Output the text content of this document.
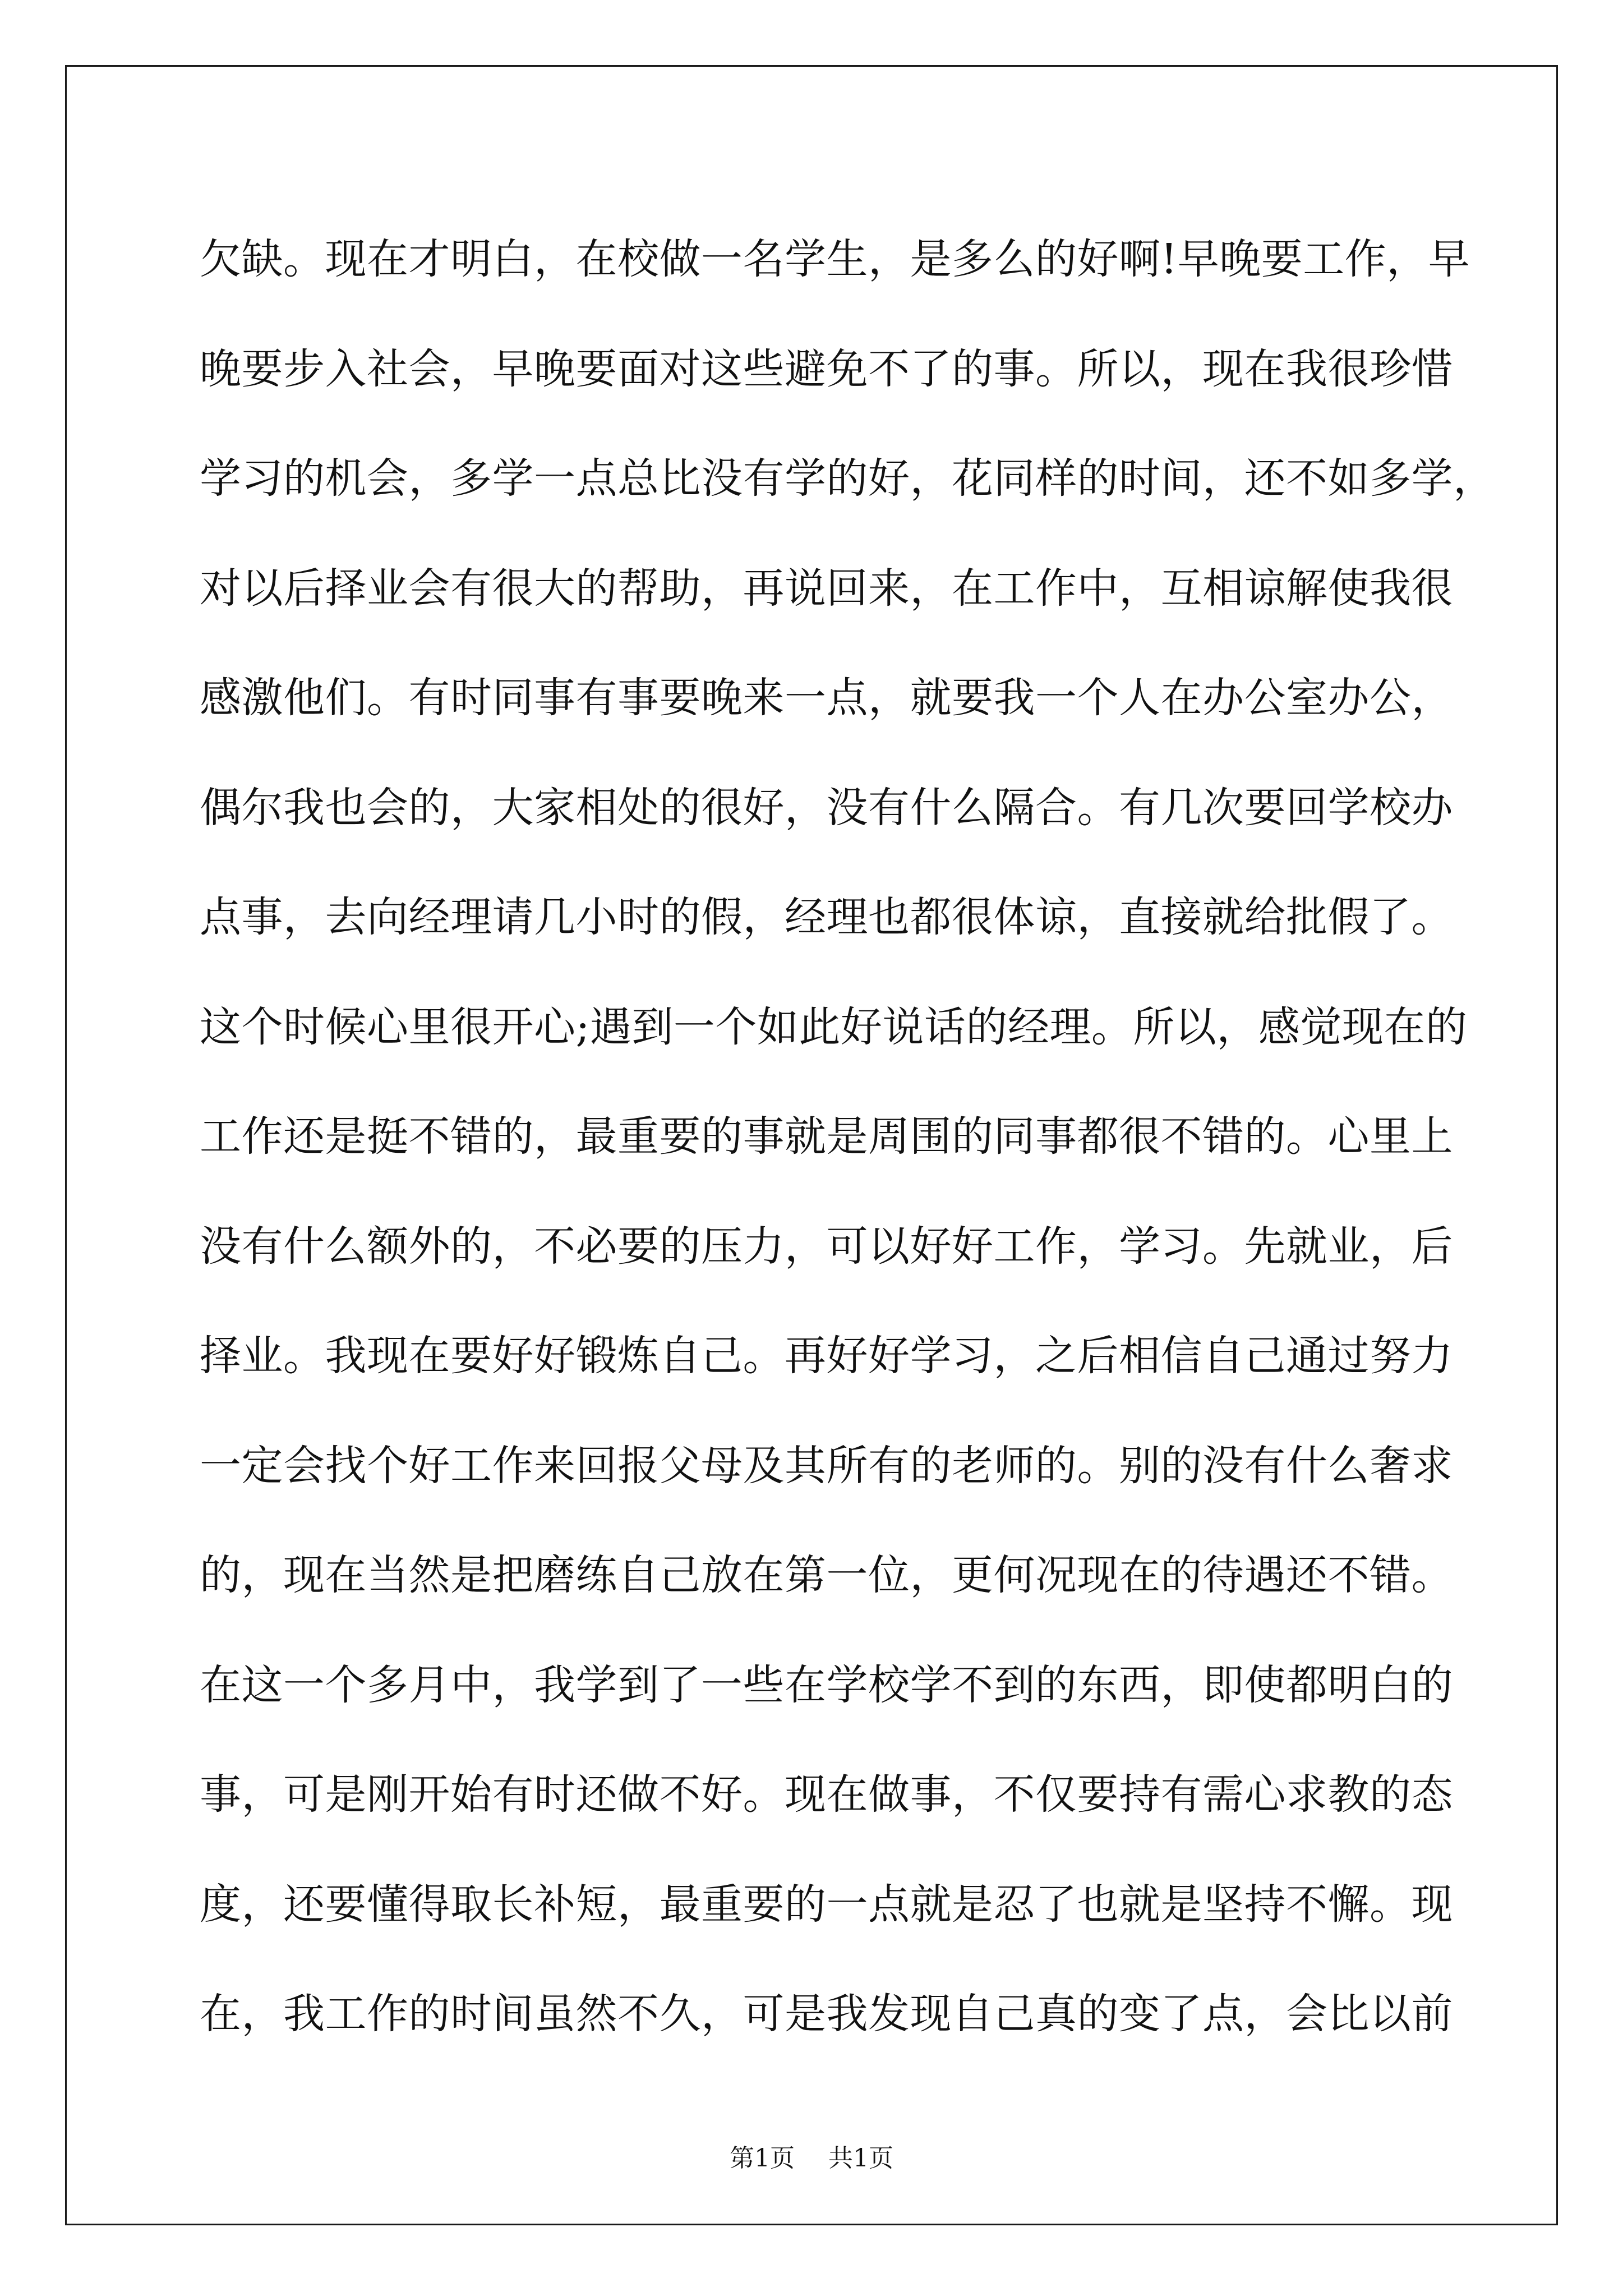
欠缺。现在才明白，在校做一名学生，是多么的好啊!早晚要工作，早

晚要步入社会，早晚要面对这些避免不了的事。所以，现在我很珍惜

学习的机会，多学一点总比没有学的好，花同样的时间，还不如多学，

对以后择业会有很大的帮助，再说回来，在工作中，互相谅解使我很

感激他们。有时同事有事要晚来一点，就要我一个人在办公室办公，

偶尔我也会的，大家相处的很好，没有什么隔合。有几次要回学校办

点事，去向经理请几小时的假，经理也都很体谅，直接就给批假了。

这个时候心里很开心;遇到一个如此好说话的经理。所以，感觉现在的

工作还是挺不错的，最重要的事就是周围的同事都很不错的。心里上

没有什么额外的，不必要的压力，可以好好工作，学习。先就业，后

择业。我现在要好好锻炼自己。再好好学习，之后相信自己通过努力

一定会找个好工作来回报父母及其所有的老师的。别的没有什么奢求

的，现在当然是把磨练自己放在第一位，更何况现在的待遇还不错。

在这一个多月中，我学到了一些在学校学不到的东西，即使都明白的

事，可是刚开始有时还做不好。现在做事，不仅要持有需心求教的态

度，还要懂得取长补短，最重要的一点就是忍了也就是坚持不懈。现

在，我工作的时间虽然不久，可是我发现自己真的变了点，会比以前

第1页 共1页
